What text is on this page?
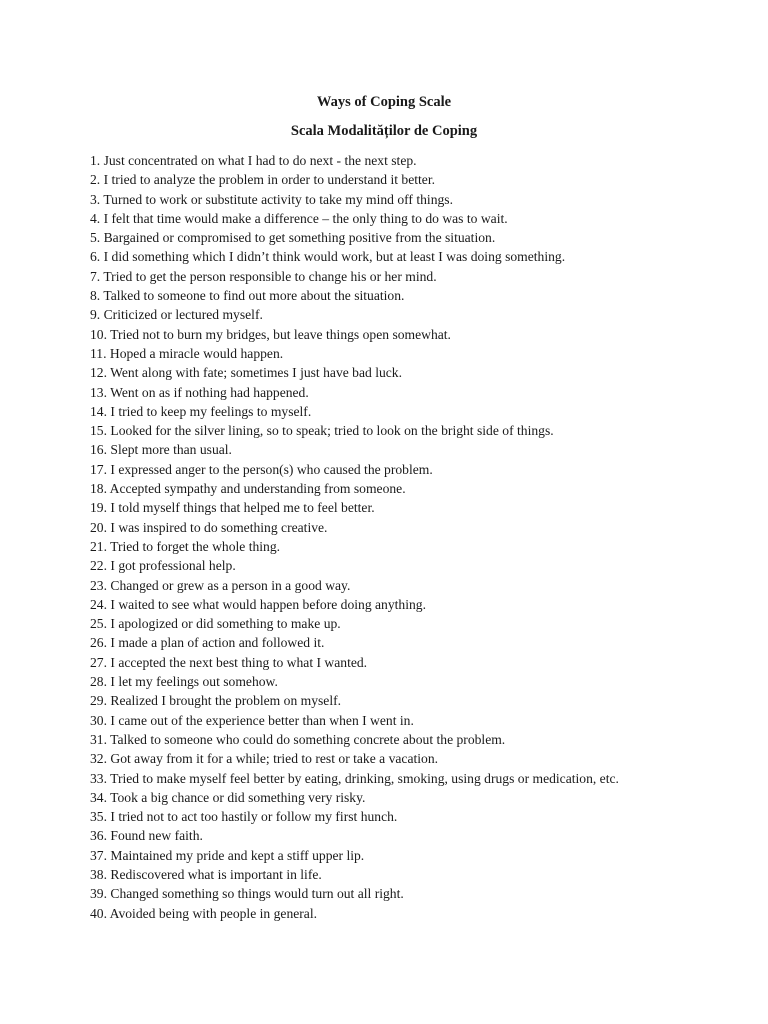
Ways of Coping Scale
Scala Modalităților de Coping
1. Just concentrated on what I had to do next - the next step.
2. I tried to analyze the problem in order to understand it better.
3. Turned to work or substitute activity to take my mind off things.
4. I felt that time would make a difference – the only thing to do was to wait.
5. Bargained or compromised to get something positive from the situation.
6. I did something which I didn’t think would work, but at least I was doing something.
7. Tried to get the person responsible to change his or her mind.
8. Talked to someone to find out more about the situation.
9. Criticized or lectured myself.
10. Tried not to burn my bridges, but leave things open somewhat.
11. Hoped a miracle would happen.
12. Went along with fate; sometimes I just have bad luck.
13. Went on as if nothing had happened.
14. I tried to keep my feelings to myself.
15. Looked for the silver lining, so to speak; tried to look on the bright side of things.
16. Slept more than usual.
17. I expressed anger to the person(s) who caused the problem.
18. Accepted sympathy and understanding from someone.
19. I told myself things that helped me to feel better.
20. I was inspired to do something creative.
21. Tried to forget the whole thing.
22. I got professional help.
23. Changed or grew as a person in a good way.
24. I waited to see what would happen before doing anything.
25. I apologized or did something to make up.
26. I made a plan of action and followed it.
27. I accepted the next best thing to what I wanted.
28. I let my feelings out somehow.
29. Realized I brought the problem on myself.
30. I came out of the experience better than when I went in.
31. Talked to someone who could do something concrete about the problem.
32. Got away from it for a while; tried to rest or take a vacation.
33. Tried to make myself feel better by eating, drinking, smoking, using drugs or medication, etc.
34. Took a big chance or did something very risky.
35. I tried not to act too hastily or follow my first hunch.
36. Found new faith.
37. Maintained my pride and kept a stiff upper lip.
38. Rediscovered what is important in life.
39. Changed something so things would turn out all right.
40. Avoided being with people in general.
